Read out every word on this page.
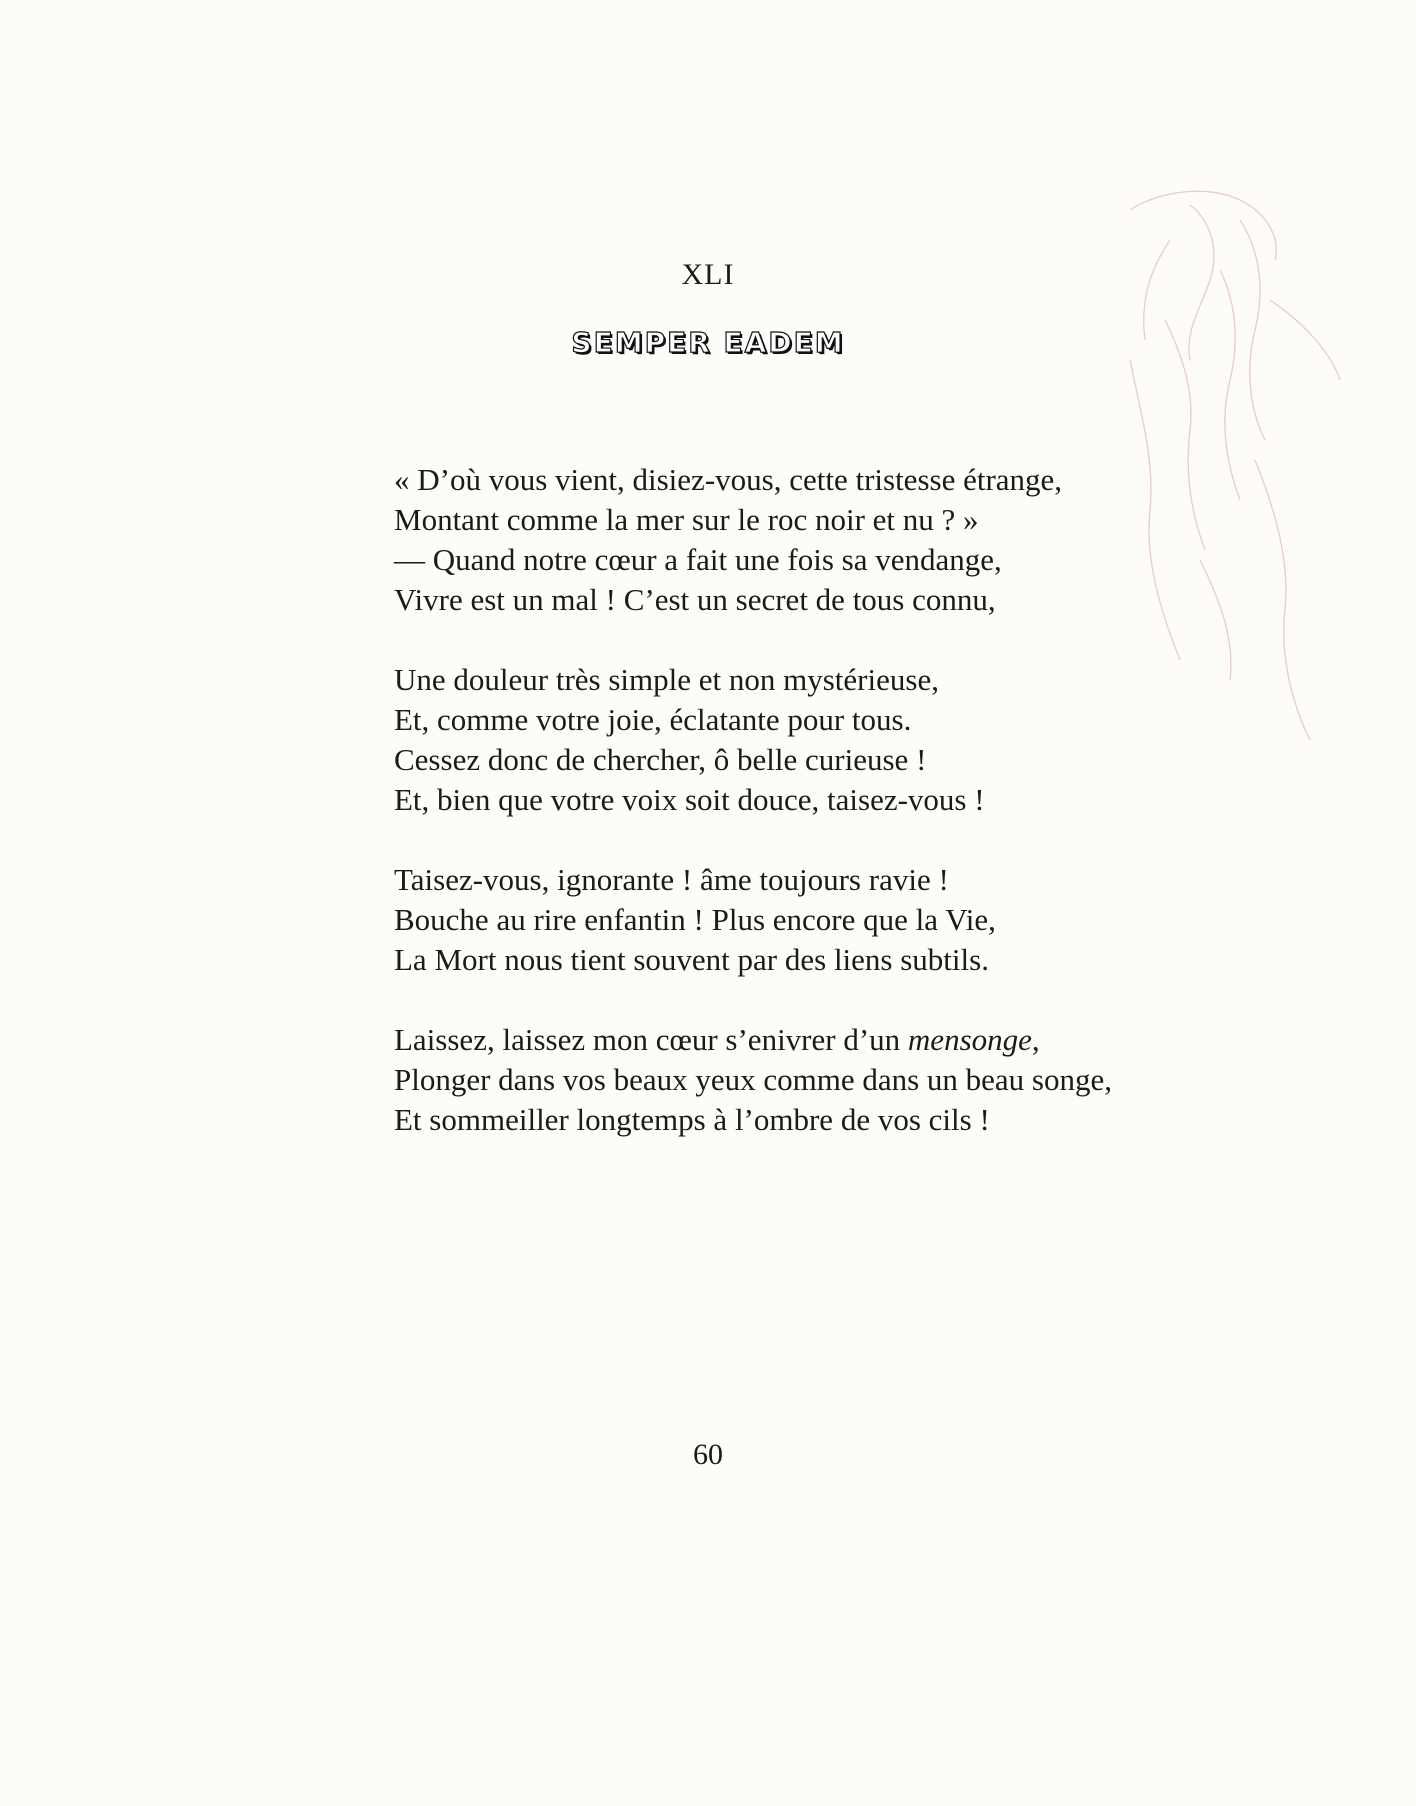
XLI
SEMPER EADEM
« D’où vous vient, disiez-vous, cette tristesse étrange,
Montant comme la mer sur le roc noir et nu ? »
— Quand notre cœur a fait une fois sa vendange,
Vivre est un mal ! C’est un secret de tous connu,
Une douleur très simple et non mystérieuse,
Et, comme votre joie, éclatante pour tous.
Cessez donc de chercher, ô belle curieuse !
Et, bien que votre voix soit douce, taisez-vous !
Taisez-vous, ignorante ! âme toujours ravie !
Bouche au rire enfantin ! Plus encore que la Vie,
La Mort nous tient souvent par des liens subtils.
Laissez, laissez mon cœur s’enivrer d’un mensonge,
Plonger dans vos beaux yeux comme dans un beau songe,
Et sommeiller longtemps à l’ombre de vos cils !
60
